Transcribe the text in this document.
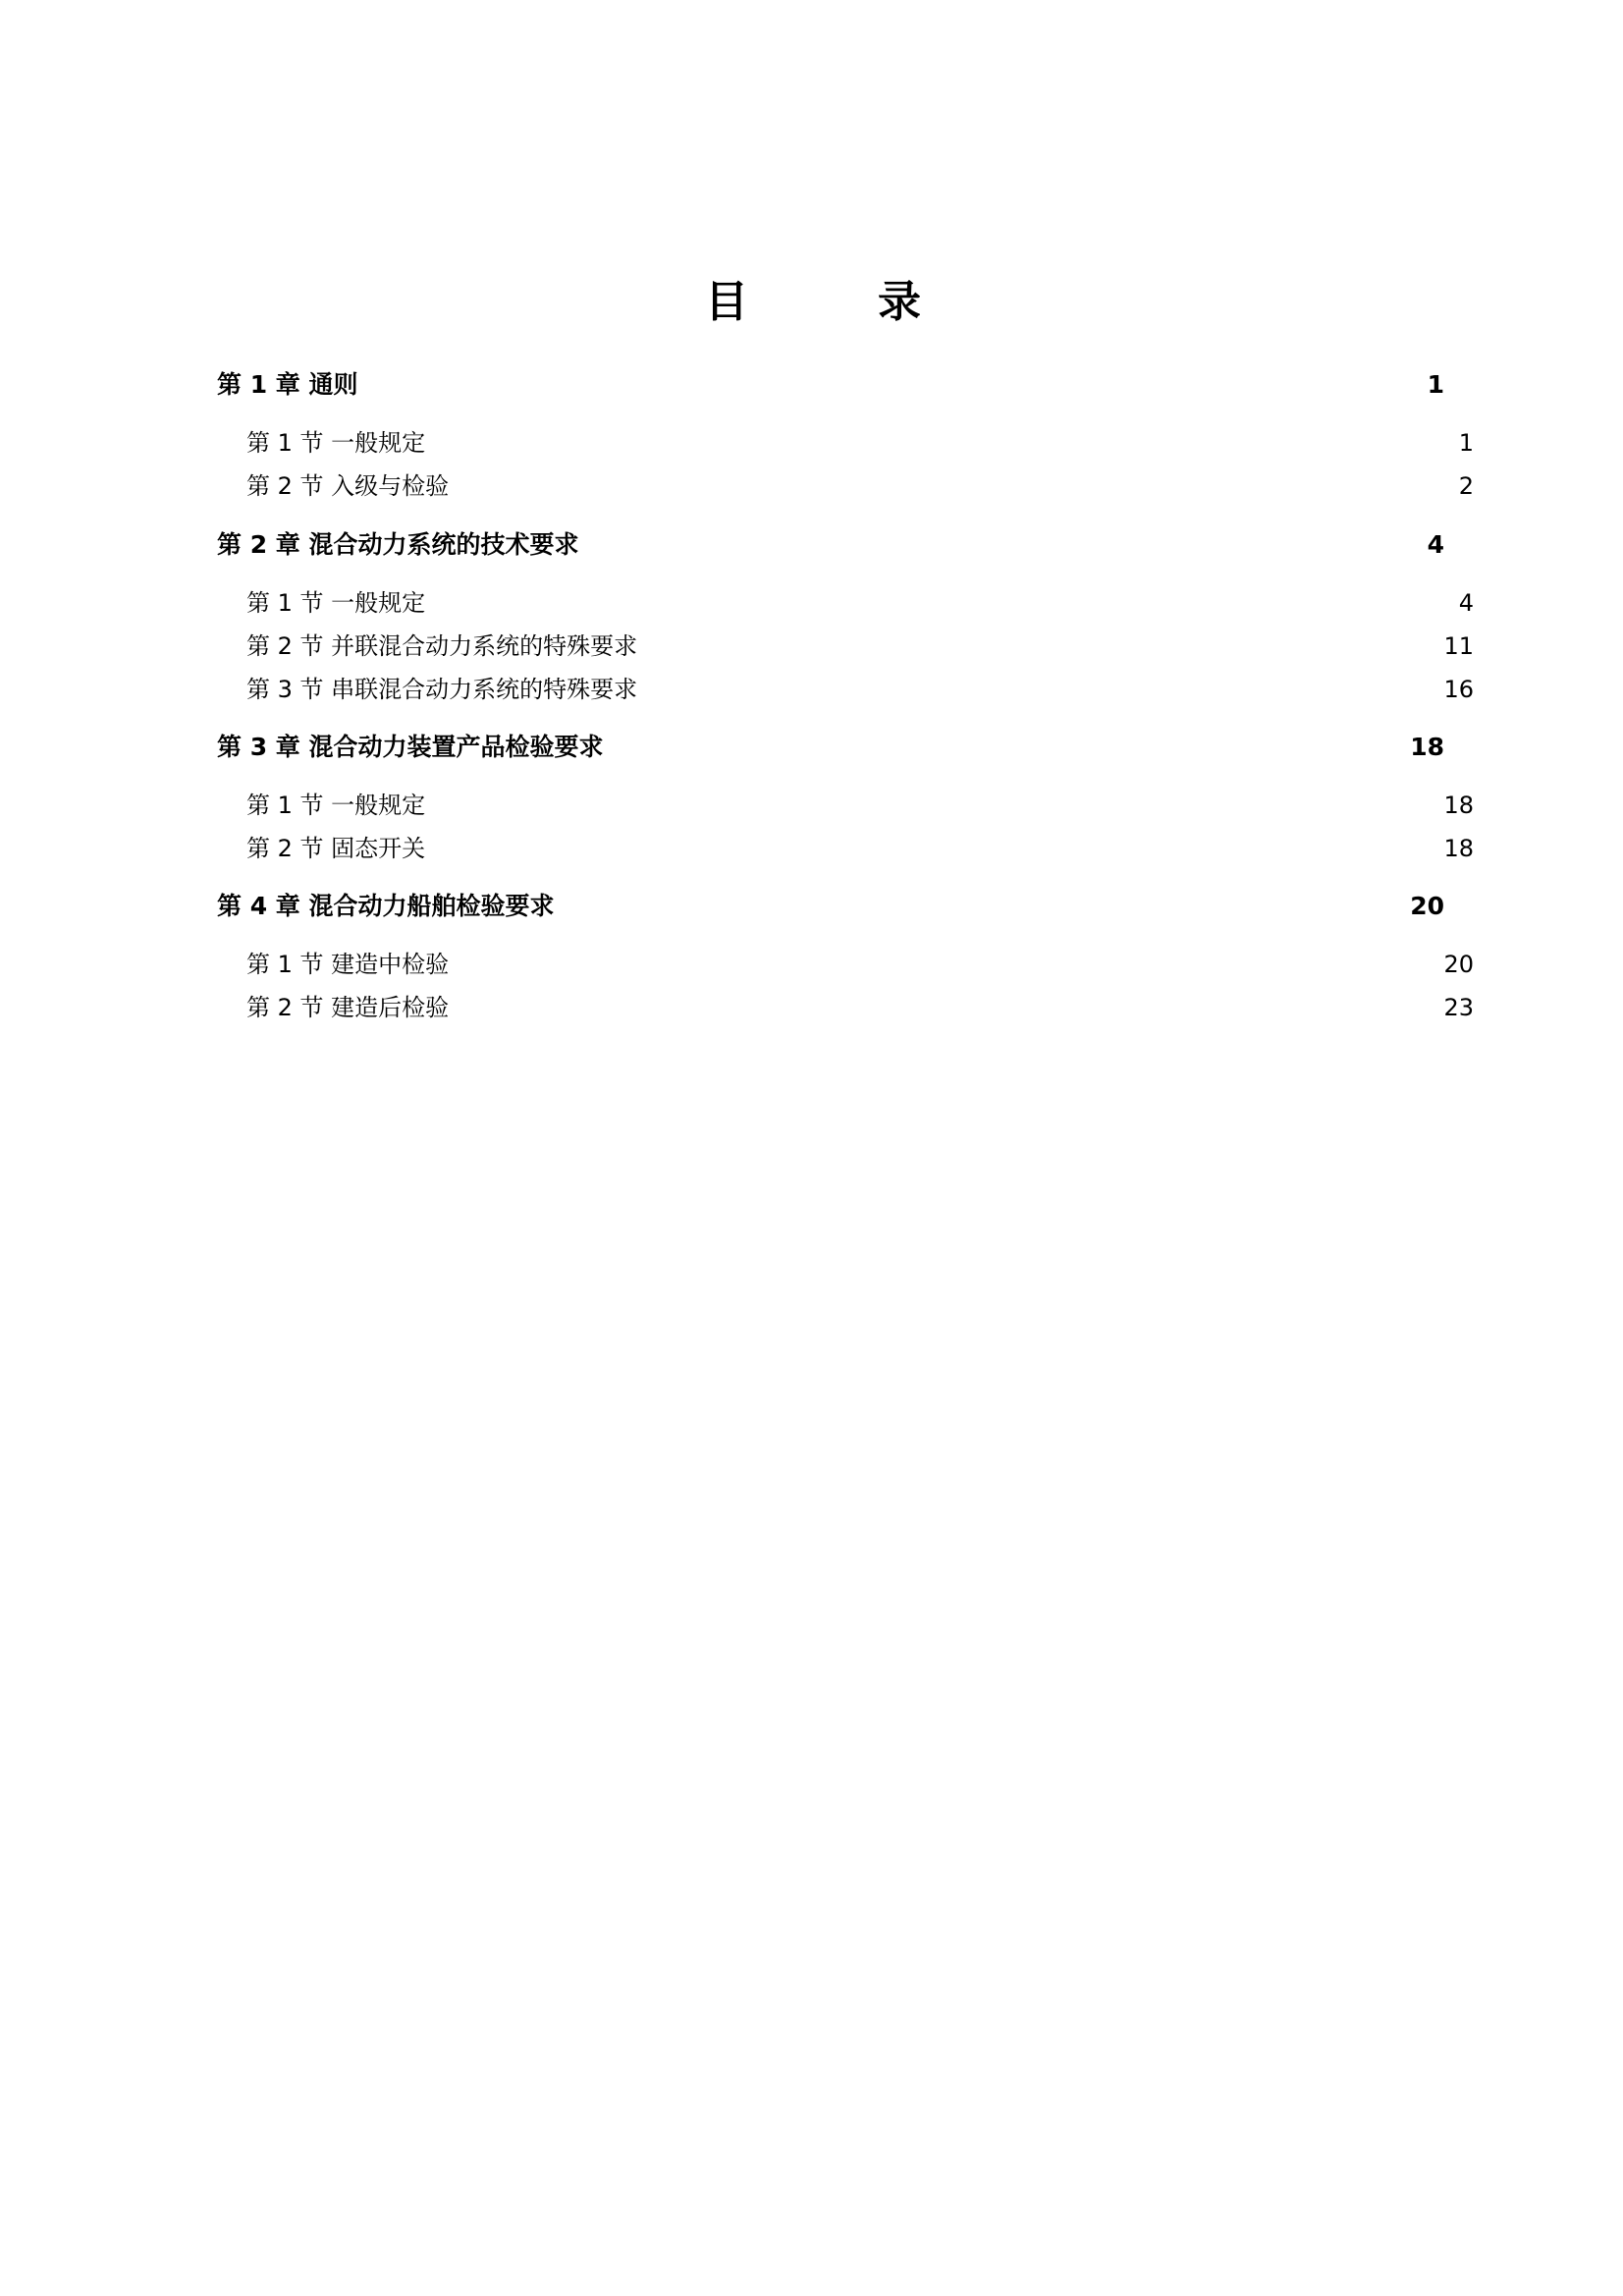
目　录
第 1 章 通则	1
第 1 节 一般规定	1
第 2 节 入级与检验	2
第 2 章 混合动力系统的技术要求	4
第 1 节 一般规定	4
第 2 节 并联混合动力系统的特殊要求	11
第 3 节 串联混合动力系统的特殊要求	16
第 3 章 混合动力装置产品检验要求	18
第 1 节 一般规定	18
第 2 节 固态开关	18
第 4 章 混合动力船舶检验要求	20
第 1 节 建造中检验	20
第 2 节 建造后检验	23
